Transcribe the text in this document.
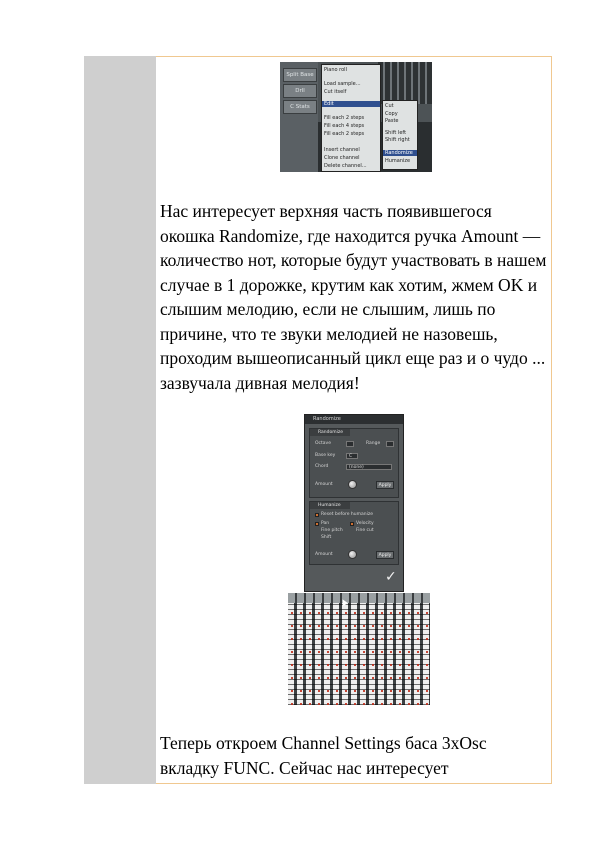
Split Base
Drll
C Stats
Piano roll
Load sample...
Cut itself
Edit
Fill each 2 steps
Fill each 4 steps
Fill each 2 steps
Insert channel
Clone channel
Delete channel...
Cut
Copy
Paste
Shift left
Shift right
Randomize
Humanize

Нас интересует верхняя часть появившегося окошка Randomize, где находится ручка Amount — количество нот, которые будут участвовать в нашем случае в 1 дорожке, крутим как хотим, жмем OK и слышим мелодию, если не слышим, лишь по причине, что те звуки мелодией не назовешь, проходим вышеописанный цикл еще раз и о чудо ... зазвучала дивная мелодия!

Randomize
Randomize
Octave	Range
Base key	C
Chord	(none)
Amount	Apply
Humanize
Reset before humanize
Pan	Velocity
Fine pitch	Fine cut
Shift
Amount	Apply
✓

Теперь откроем Channel Settings баса 3xOsc вкладку FUNC. Сейчас нас интересует
